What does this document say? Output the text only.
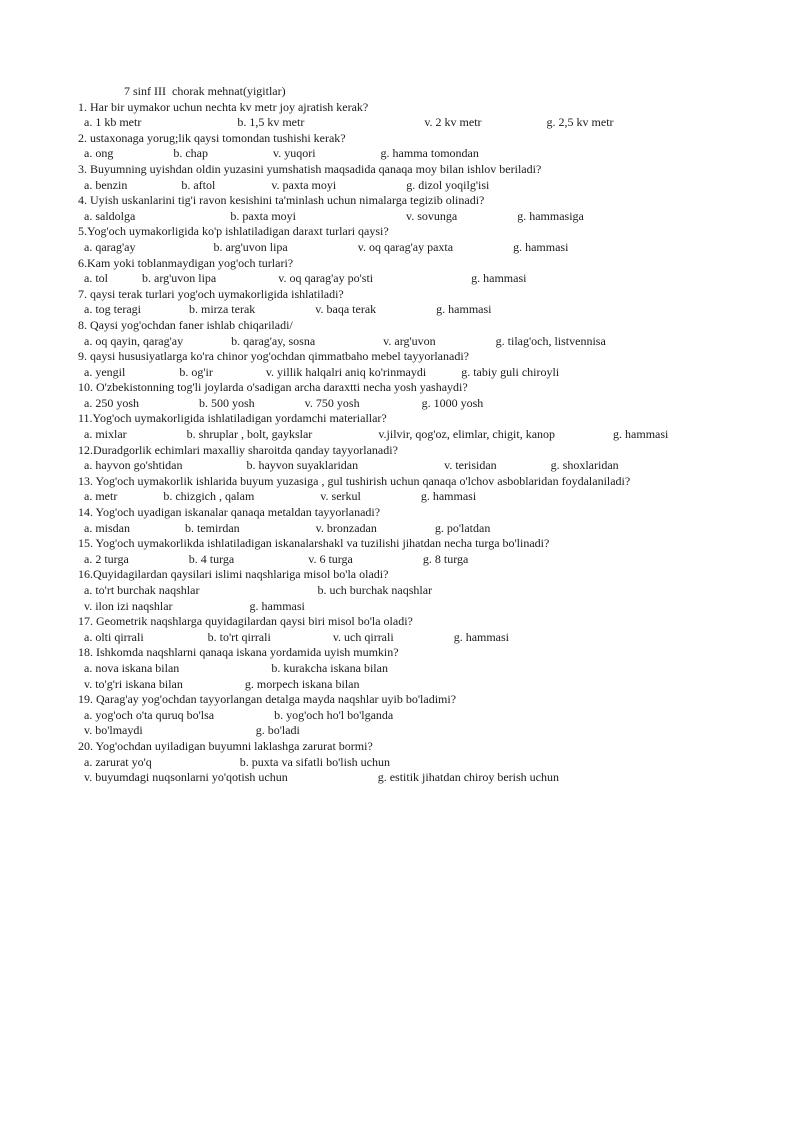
7 sinf III  chorak mehnat(yigitlar)
1. Har bir uymakor uchun nechta kv metr joy ajratish kerak?
a. 1 kb metr	b. 1,5 kv metr	v. 2 kv metr	g. 2,5 kv metr
2. ustaxonaga yorug;lik qaysi tomondan tushishi kerak?
a. ong	b. chap	v. yuqori	g. hamma tomondan
3. Buyumning uyishdan oldin yuzasini yumshatish maqsadida qanaqa moy bilan ishlov beriladi?
a. benzin	b. aftol	v. paxta moyi	g. dizol yoqilg'isi
4. Uyish uskanlarini tig'i ravon kesishini ta'minlash uchun nimalarga tegizib olinadi?
a. saldolga	b. paxta moyi	v. sovunga	g. hammasiga
5.Yog'och uymakorligida ko'p ishlatiladigan daraxt turlari qaysi?
a. qarag'ay	b. arg'uvon lipa	v. oq qarag'ay paxta	g. hammasi
6.Kam yoki toblanmaydigan yog'och turlari?
a. tol	b. arg'uvon lipa	v. oq qarag'ay po'sti	g. hammasi
7. qaysi terak turlari yog'och uymakorligida ishlatiladi?
a. tog teragi	b. mirza terak	v. baqa terak	g. hammasi
8. Qaysi yog'ochdan faner ishlab chiqariladi/
a. oq qayin, qarag'ay	b. qarag'ay, sosna	v. arg'uvon	g. tilag'och, listvennisa
9. qaysi hususiyatlarga ko'ra chinor yog'ochdan qimmatbaho mebel tayyorlanadi?
a. yengil	b. og'ir	v. yillik halqalri aniq ko'rinmaydi	g. tabiy guli chiroyli
10. O'zbekistonning tog'li joylarda o'sadigan archa daraxtti necha yosh yashaydi?
a. 250 yosh	b. 500 yosh	v. 750 yosh	g. 1000 yosh
11.Yog'och uymakorligida ishlatiladigan yordamchi materiallar?
a. mixlar	b. shruplar , bolt, gaykslar	v.jilvir, qog'oz, elimlar, chigit, kanop	g. hammasi
12.Duradgorlik echimlari maxalliy sharoitda qanday tayyorlanadi?
a. hayvon go'shtidan	b. hayvon suyaklaridan	v. terisidan	g. shoxlaridan
13. Yog'och uymakorlik ishlarida buyum yuzasiga , gul tushirish uchun qanaqa o'lchov asboblaridan foydalaniladi?
a. metr	b. chizgich , qalam	v. serkul	g. hammasi
14. Yog'och uyadigan iskanalar qanaqa metaldan tayyorlanadi?
a. misdan	b. temirdan	v. bronzadan	g. po'latdan
15. Yog'och uymakorlikda ishlatiladigan iskanalarshakl va tuzilishi jihatdan necha turga bo'linadi?
a. 2 turga	b. 4 turga	v. 6 turga	g. 8 turga
16.Quyidagilardan qaysilari islimi naqshlariga misol bo'la oladi?
a. to'rt burchak naqshlar	b. uch burchak naqshlar
v. ilon izi naqshlar	g. hammasi
17. Geometrik naqshlarga quyidagilardan qaysi biri misol bo'la oladi?
a. olti qirrali	b. to'rt qirrali	v. uch qirrali	g. hammasi
18. Ishkomda naqshlarni qanaqa iskana yordamida uyish mumkin?
a. nova iskana bilan	b. kurakcha iskana bilan
v. to'g'ri iskana bilan	g. morpech iskana bilan
19. Qarag'ay yog'ochdan tayyorlangan detalga mayda naqshlar uyib bo'ladimi?
a. yog'och o'ta quruq bo'lsa	b. yog'och ho'l bo'lganda
v. bo'lmaydi	g. bo'ladi
20. Yog'ochdan uyiladigan buyumni laklashga zarurat bormi?
a. zarurat yo'q	b. puxta va sifatli bo'lish uchun
v. buyumdagi nuqsonlarni yo'qotish uchun	g. estitik jihatdan chiroy berish uchun
